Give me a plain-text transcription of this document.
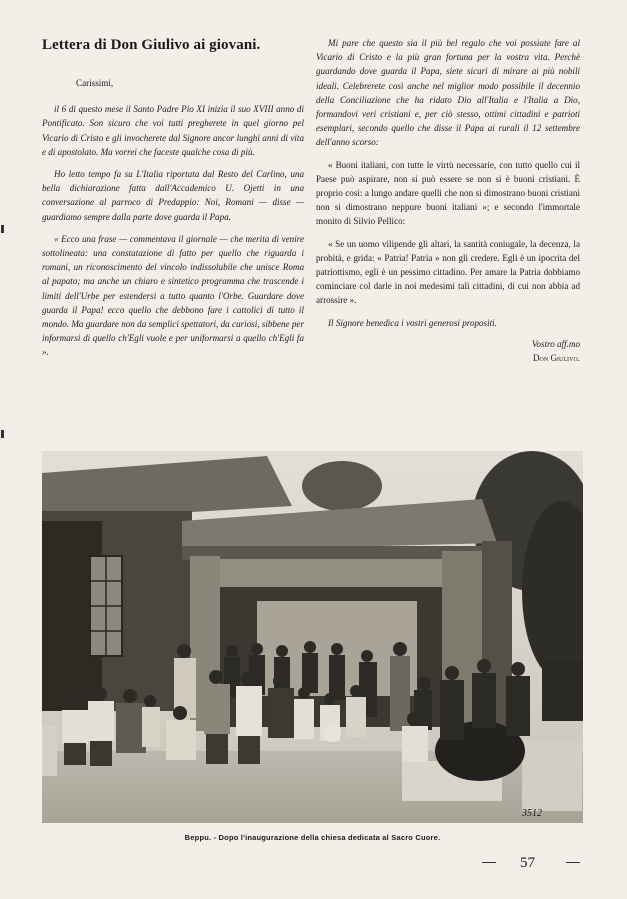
Lettera di Don Giulivo ai giovani.
Carissimi,

il 6 di questo mese il Santo Padre Pio XI inizia il suo XVIII anno di Pontificato. Son sicuro che voi tutti pregherete in quel giorno pel Vicario di Cristo e gli invocherete dal Signore ancor lunghi anni di vita e di apostolato. Ma vorrei che faceste qualche cosa di più.

Ho letto tempo fa su L'Italia riportata dal Resto del Carlino, una bella dichiarazione fatta dall'Accademico U. Ojetti in una conversazione al parroco di Predappio: Noi, Romani — disse — guardiamo sempre dalla parte dove guarda il Papa.

« Ecco una frase — commentava il giornale — che merita di venire sottolineata: una constatazione di fatto per quello che riguarda i romani, un riconoscimento del vincolo indissolubile che unisce Roma al papato; ma anche un chiaro e sintetico programma che trascende i limiti dell'Urbe per estendersi a tutto quanto l'Orbe. Guardare dove guarda il Papa! ecco quello che debbono fare i cattolici di tutto il mondo. Ma guardare non da semplici spettatori, da curiosi, sibbene per informarsi di quello ch'Egli vuole e per uniformarsi a quello ch'Egli fa ».

Mi pare che questo sia il più bel regalo che voi possiate fare al Vicario di Cristo e la più gran fortuna per la vostra vita. Perchè guardando dove guarda il Papa, siete sicuri di mirare ai più nobili ideali. Celebrerete così anche nel miglior modo possibile il decennio della Conciliazione che ha ridato Dio all'Italia e l'Italia a Dio, formandovi veri cristiani e, per ciò stesso, ottimi cittadini e patrioti esemplari, secondo quello che disse il Papa ai rurali il 12 settembre dell'anno scorso:

« Buoni italiani, con tutte le virtù necessarie, con tutto quello cui il Paese può aspirare, non si può essere se non si è buoni cristiani. È proprio così: a lungo andare quelli che non si dimostrano buoni cristiani non si dimostrano neppure buoni italiani »; e secondo l'immortale monito di Silvio Pellico:

« Se un uomo vilipende gli altari, la santità coniugale, la decenza, la probità, e grida: « Patria! Patria » non gli credere. Egli è un ipocrita del patriottismo, egli è un pessimo cittadino. Per amare la Patria dobbiamo cominciare col darle in noi medesimi tali cittadini, di cui non abbia ad arrossire ».

Il Signore benedica i vostri generosi propositi.

Vostro aff.mo

Don Giulivo.

3512
Beppu. - Dopo l'inaugurazione della chiesa dedicata al Sacro Cuore.
57
